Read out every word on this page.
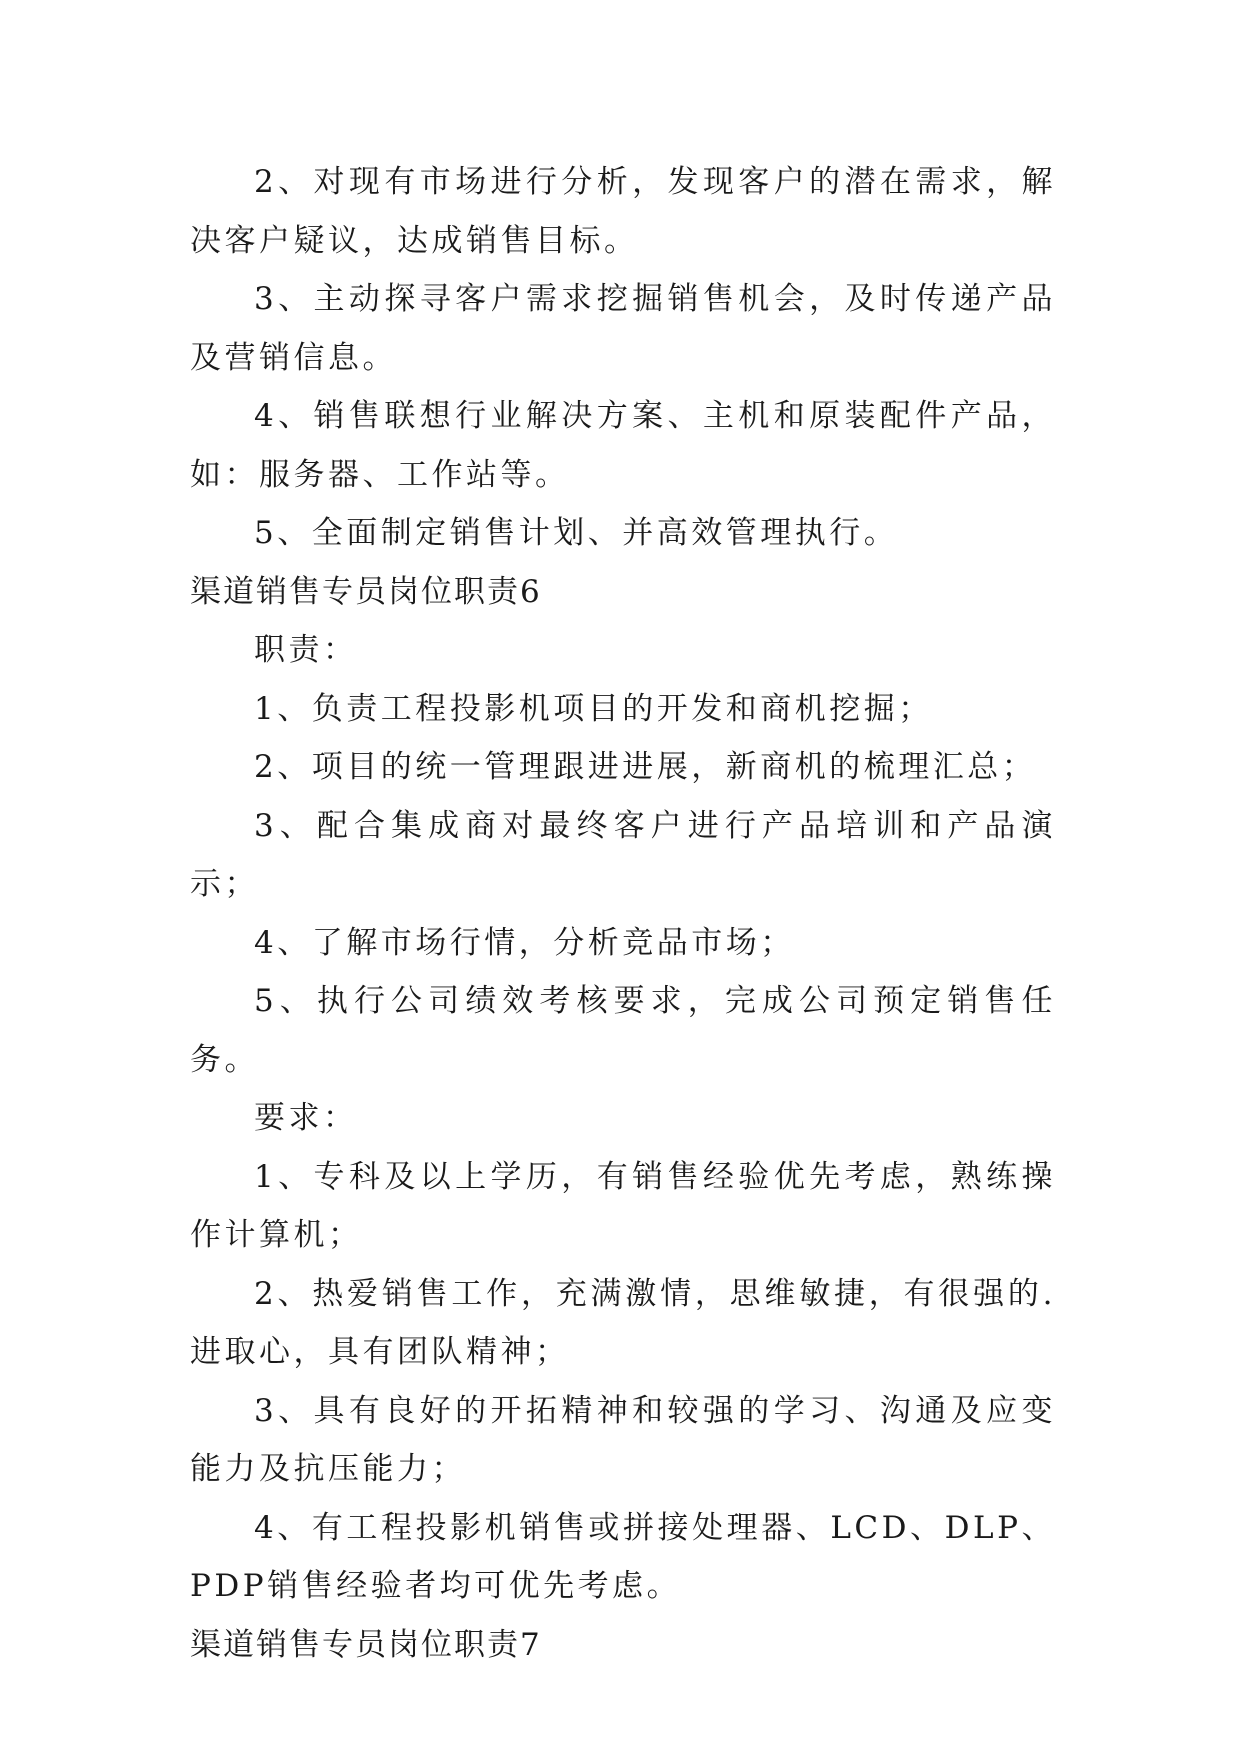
2、对现有市场进行分析，发现客户的潜在需求，解决客户疑议，达成销售目标。

3、主动探寻客户需求挖掘销售机会，及时传递产品及营销信息。

4、销售联想行业解决方案、主机和原装配件产品，如：服务器、工作站等。

5、全面制定销售计划、并高效管理执行。

渠道销售专员岗位职责6

职责：

1、负责工程投影机项目的开发和商机挖掘；

2、项目的统一管理跟进进展，新商机的梳理汇总；

3、配合集成商对最终客户进行产品培训和产品演示；

4、了解市场行情，分析竞品市场；

5、执行公司绩效考核要求，完成公司预定销售任务。

要求：

1、专科及以上学历，有销售经验优先考虑，熟练操作计算机；

2、热爱销售工作，充满激情，思维敏捷，有很强的.进取心，具有团队精神；

3、具有良好的开拓精神和较强的学习、沟通及应变能力及抗压能力；

4、有工程投影机销售或拼接处理器、LCD、DLP、PDP销售经验者均可优先考虑。

渠道销售专员岗位职责7
